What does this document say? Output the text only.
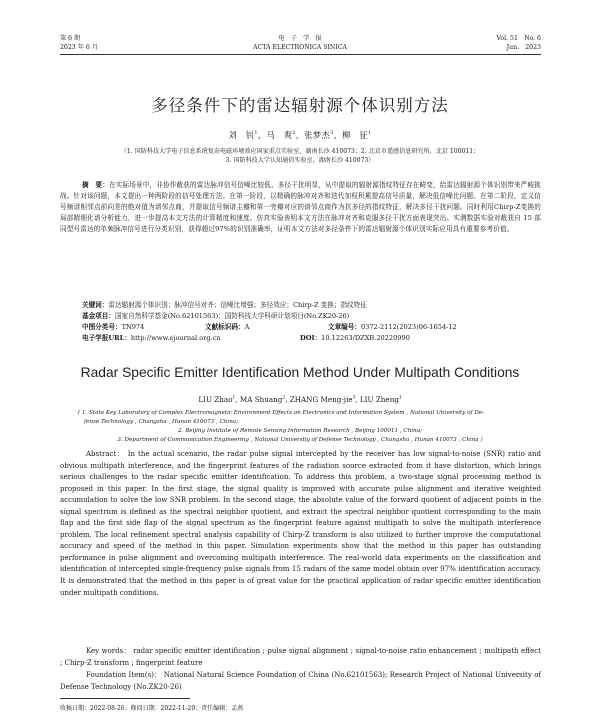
第 6 期
2023 年 6 月
电　子　学　报
ACTA ELECTRONICA SINICA
Vol. 51　No. 6
Jun.　2023
多径条件下的雷达辐射源个体识别方法
刘　钊$^1$，马　爽$^2$，张梦杰$^3$，柳　征$^1$
（1. 国防科技大学电子信息系统复杂电磁环境效应国家重点实验室，湖南长沙 410073；2. 北京市遥感信息研究所，北京 100011；
3. 国防科技大学认知通信实验室，湖南长沙 410073）
摘　要：在实际场景中，非协作截获的雷达脉冲信号信噪比较低、多径干扰明显，从中提取的辐射源指纹特征存在畸变，给雷达辐射源个体识别带来严峻挑战。针对该问题，本文提出一种两阶段的信号处理方法。在第一阶段，以精确的脉冲对齐和迭代加权积累提高信号质量，解决低信噪比问题。在第二阶段，定义信号频谱相邻点前向差的绝对值为谱邻点商，并提取信号频谱主瓣和第一旁瓣对应的谱邻点商作为抗多径的指纹特征，解决多径干扰问题。同时利用Chirp-Z变换的局部精细化谱分析能力，进一步提高本文方法的计算精度和速度。仿真实验表明本文方法在脉冲对齐和克服多径干扰方面表现突出。实测数据实验对截获自 15 部同型号雷达的单频脉冲信号进行分类识别，获得超过97%的识别准确率，证明本文方法对多径条件下的雷达辐射源个体识别实际应用具有重要参考价值。
关键词：雷达辐射源个体识别；脉冲信号对齐；信噪比增强；多径效应；Chirp-Z 变换；指纹特征
基金项目：国家自然科学基金(No.62101563)；国防科技大学科研计划项目(No.ZK20-26)
中图分类号：TN974	文献标识码：A	文章编号：0372-2112(2023)06-1654-12
电子学报URL：http://www.ejournal.org.cn	DOI：10.12263/DZXB.20220990
Radar Specific Emitter Identification Method Under Multipath Conditions
LIU Zhao$^1$, MA Shuang$^2$, ZHANG Meng-jie$^3$, LIU Zheng$^1$
( 1. State Key Laboratory of Complex Electromagnetic Environment Effects on Electronics and Information System , National University of De-
fense Technology , Changsha , Hunan 410073 , China;
2. Beijing Institute of Remote Sensing Information Research , Beijing 100011 , China;
3. Department of Communication Engineering , National University of Defense Technology , Changsha , Hunan 410073 , China )
Abstract： In the actual scenario, the radar pulse signal intercepted by the receiver has low signal-to-noise (SNR) ratio and obvious multipath interference, and the fingerprint features of the radiation source extracted from it have distortion, which brings serious challenges to the radar specific emitter identification. To address this problem, a two-stage signal processing method is proposed in this paper. In the first stage, the signal quality is improved with accurate pulse alignment and iterative weighted accumulation to solve the low SNR problem. In the second stage, the absolute value of the forward quotient of adjacent points in the signal spectrum is defined as the spectral neighbor quotient, and extract the spectral neighbor quotient corresponding to the main flap and the first side flap of the signal spectrum as the fingerprint feature against multipath to solve the multipath interference problem. The local refinement spectral analysis capability of Chirp-Z transform is also utilized to further improve the computational accuracy and speed of the method in this paper. Simulation experiments show that the method in this paper has outstanding performance in pulse alignment and overcoming multipath interference. The real-world data experiments on the classification and identification of intercepted single-frequency pulse signals from 15 radars of the same model obtain over 97% identification accuracy. It is demonstrated that the method in this paper is of great value for the practical application of radar specific emitter identification under multipath conditions.
Key words： radar specific emitter identification ; pulse signal alignment ; signal-to-noise ratio enhancement ; multipath effect ; Chirp-Z transform ; fingerprint feature
Foundation Item(s)： National Natural Science Foundation of China (No.62101563); Research Project of National University of Defense Technology (No.ZK20-26)
收稿日期：2022-08-26；修回日期：2022-11-29；责任编辑：孟燕
